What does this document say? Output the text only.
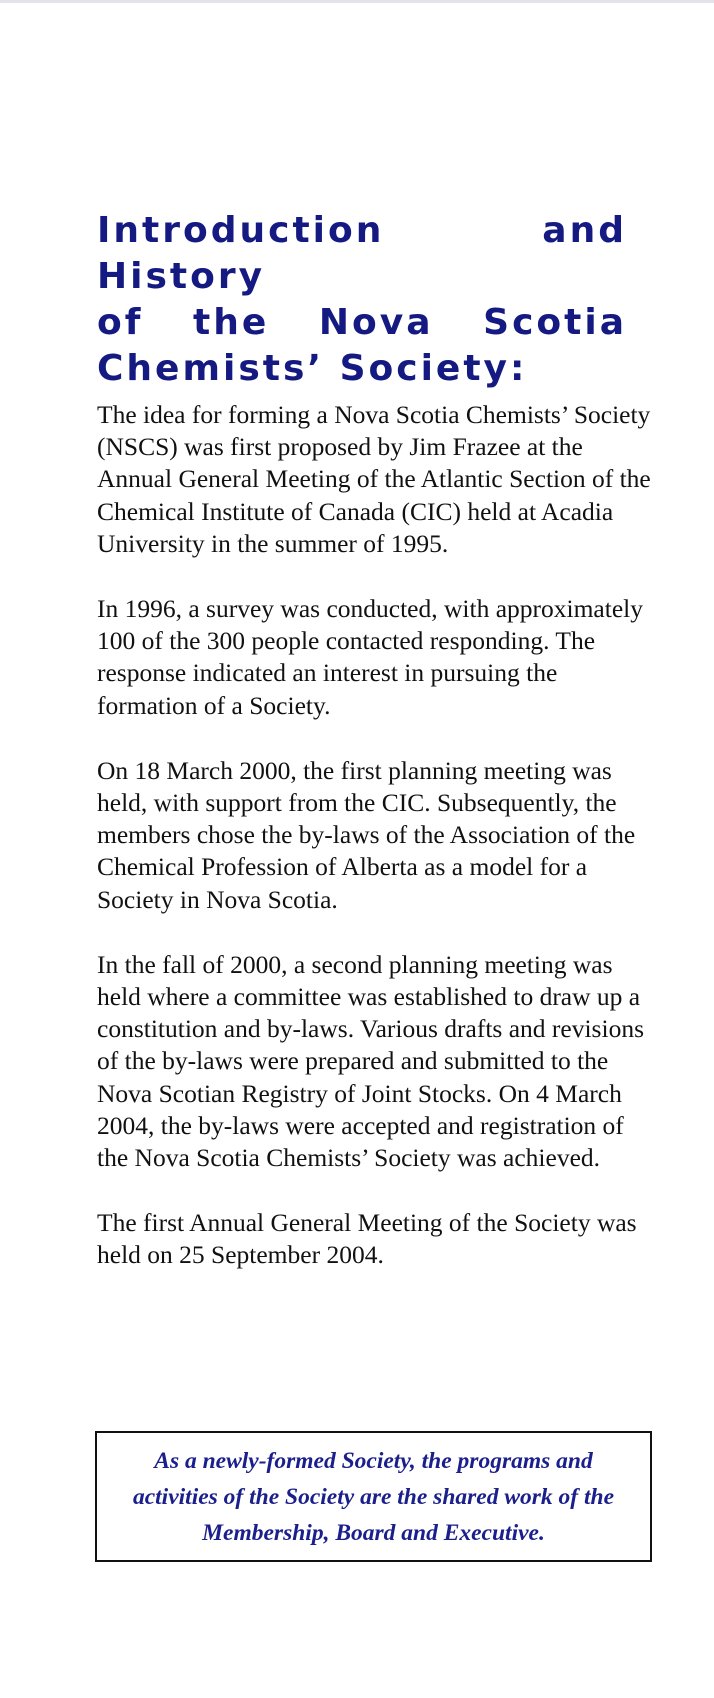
Introduction and History
of the Nova Scotia
Chemists’ Society:

The idea for forming a Nova Scotia Chemists’ Society (NSCS) was first proposed by Jim Frazee at the Annual General Meeting of the Atlantic Section of the Chemical Institute of Canada (CIC) held at Acadia University in the summer of 1995.

In 1996, a survey was conducted, with approximately 100 of the 300 people contacted responding. The response indicated an interest in pursuing the formation of a Society.

On 18 March 2000, the first planning meeting was held, with support from the CIC. Subsequently, the members chose the by-laws of the Association of the Chemical Profession of Alberta as a model for a Society in Nova Scotia.

In the fall of 2000, a second planning meeting was held where a committee was established to draw up a constitution and by-laws. Various drafts and revisions of the by-laws were prepared and submitted to the Nova Scotian Registry of Joint Stocks. On 4 March 2004, the by-laws were accepted and registration of the Nova Scotia Chemists’ Society was achieved.

The first Annual General Meeting of the Society was held on 25 September 2004.

As a newly-formed Society, the programs and activities of the Society are the shared work of the Membership, Board and Executive.
